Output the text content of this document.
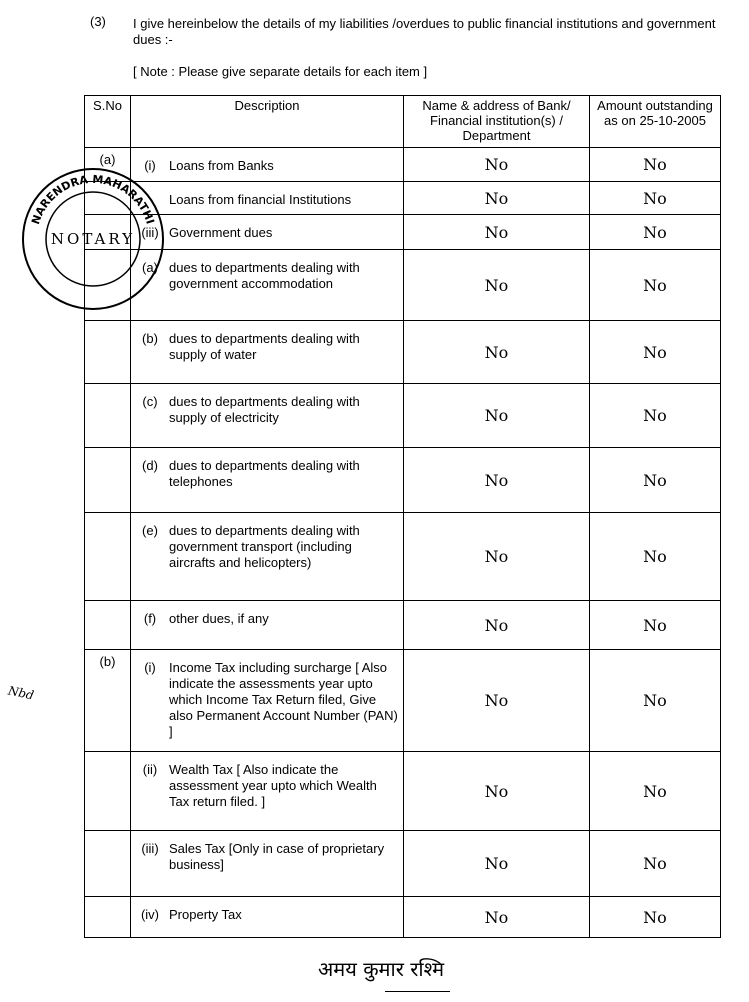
(3) I give hereinbelow the details of my liabilities /overdues to public financial institutions and government dues :-
[ Note : Please give separate details for each item ]
S.No	Description	Name & address of Bank/ Financial institution(s) / Department	Amount outstanding as on 25-10-2005
(a)	(i) Loans from Banks	No	No

	Loans from financial Institutions	No	No

	(iii) Government dues	No	No

	(a) dues to departments dealing with government accommodation	No	No

	(b) dues to departments dealing with supply of water	No	No

	(c) dues to departments dealing with supply of electricity	No	No

	(d) dues to departments dealing with telephones	No	No

	(e) dues to departments dealing with government transport (including aircrafts and helicopters)	No	No

	(f) other dues, if any	No	No
(b)	(i) Income Tax including surcharge [ Also indicate the assessments year upto which Income Tax Return filed, Give also Permanent Account Number (PAN) ]	No	No

	(ii) Wealth Tax [ Also indicate the assessment year upto which Wealth Tax return filed. ]	No	No

	(iii) Sales Tax [Only in case of proprietary business]	No	No

	(iv) Property Tax	No	No
NARENDRA MAHARATHI
NOTARY
Nbd
अमय कुमार रश्मि
